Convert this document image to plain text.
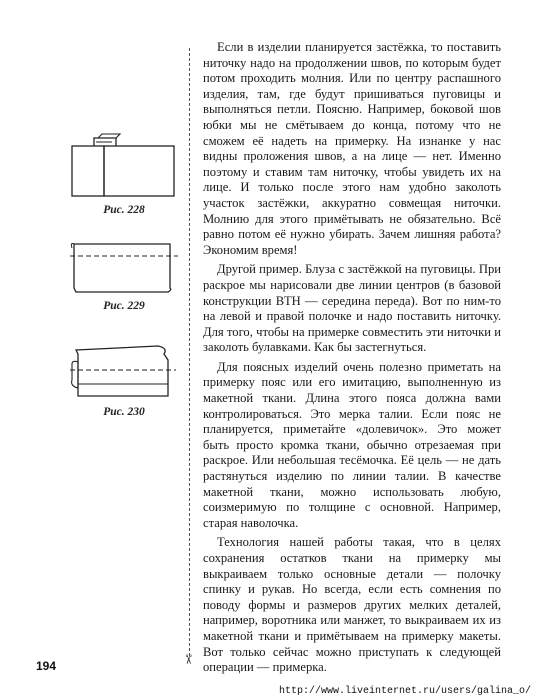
Рис. 228
Рис. 229
Рис. 230
✂

Если в изделии планируется застёжка, то поставить ниточку надо на продолжении швов, по которым будет потом проходить молния. Или по центру распашного изделия, там, где будут пришиваться пуговицы и выполняться петли. Поясню. Например, боковой шов юбки мы не смётываем до конца, потому что не сможем её надеть на примерку. На изнанке у нас видны проложения швов, а на лице — нет. Именно поэтому и ставим там ниточку, чтобы увидеть их на лице. И только после этого нам удобно заколоть участок застёжки, аккуратно совмещая ниточки. Молнию для этого примётывать не обязательно. Всё равно потом её нужно убирать. Зачем лишняя работа? Экономим время!

Другой пример. Блуза с застёжкой на пуговицы. При раскрое мы нарисовали две линии центров (в базовой конструкции ВТН — середина переда). Вот по ним-то на левой и правой полочке и надо поставить ниточку. Для того, чтобы на примерке совместить эти ниточки и заколоть булавками. Как бы застегнуться.

Для поясных изделий очень полезно приметать на примерку пояс или его имитацию, выполненную из макетной ткани. Длина этого пояса должна вами контролироваться. Это мерка талии. Если пояс не планируется, приметайте «долевичок». Это может быть просто кромка ткани, обычно отрезаемая при раскрое. Или небольшая тесёмочка. Её цель — не дать растянуться изделию по линии талии. В качестве макетной ткани, можно использовать любую, соизмеримую по толщине с основной. Например, старая наволочка.

Технология нашей работы такая, что в целях сохранения остатков ткани на примерку мы выкраиваем только основные детали — полочку спинку и рукав. Но всегда, если есть сомнения по поводу формы и размеров других мелких деталей, например, воротника или манжет, то выкраиваем их из макетной ткани и примётываем на примерку макеты. Вот только сейчас можно приступать к следующей операции — примерка.

194
http://www.liveinternet.ru/users/galina_o/
